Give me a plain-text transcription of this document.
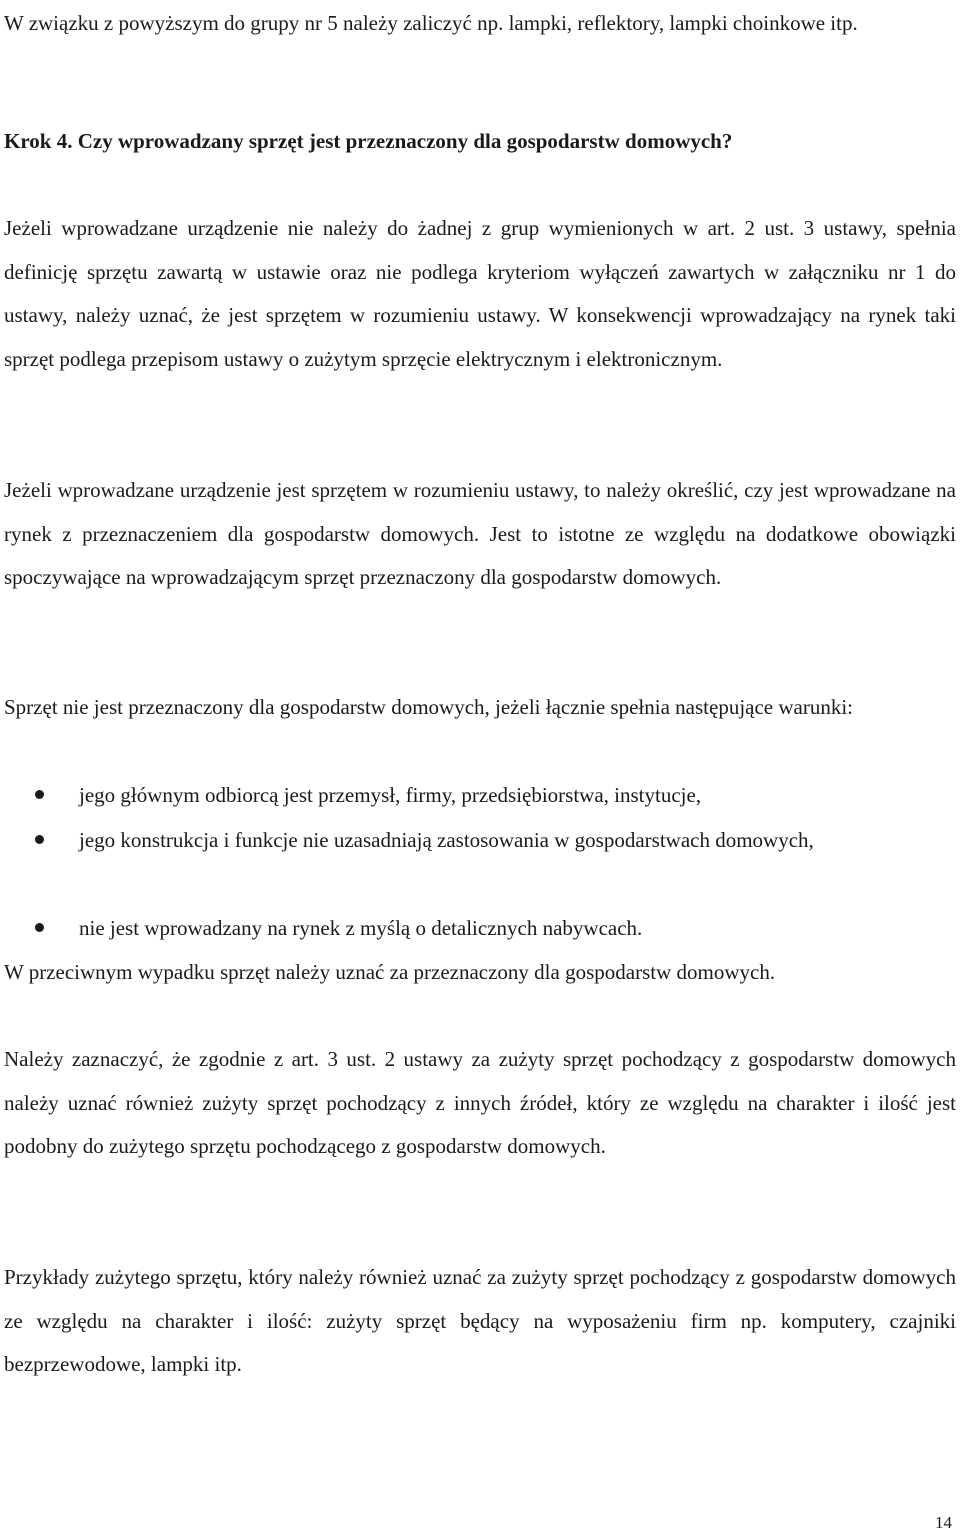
W związku z powyższym do grupy nr 5 należy zaliczyć np. lampki, reflektory, lampki choinkowe itp.

Krok 4. Czy wprowadzany sprzęt jest przeznaczony dla gospodarstw domowych?

Jeżeli wprowadzane urządzenie nie należy do żadnej z grup wymienionych w art. 2 ust. 3 ustawy, spełnia definicję sprzętu zawartą w ustawie oraz nie podlega kryteriom wyłączeń zawartych w załączniku nr 1 do ustawy, należy uznać, że jest sprzętem w rozumieniu ustawy. W konsekwencji wprowadzający na rynek taki sprzęt podlega przepisom ustawy o zużytym sprzęcie elektrycznym i elektronicznym.

Jeżeli wprowadzane urządzenie jest sprzętem w rozumieniu ustawy, to należy określić, czy jest wprowadzane na rynek z przeznaczeniem dla gospodarstw domowych. Jest to istotne ze względu na dodatkowe obowiązki spoczywające na wprowadzającym sprzęt przeznaczony dla gospodarstw domowych.

Sprzęt nie jest przeznaczony dla gospodarstw domowych, jeżeli łącznie spełnia następujące warunki:

jego głównym odbiorcą jest przemysł, firmy, przedsiębiorstwa, instytucje,
jego konstrukcja i funkcje nie uzasadniają zastosowania w gospodarstwach domowych,
nie jest wprowadzany na rynek z myślą o detalicznych nabywcach.

W przeciwnym wypadku sprzęt należy uznać za przeznaczony dla gospodarstw domowych.

Należy zaznaczyć, że zgodnie z art. 3 ust. 2 ustawy za zużyty sprzęt pochodzący z gospodarstw domowych należy uznać również zużyty sprzęt pochodzący z innych źródeł, który ze względu na charakter i ilość jest podobny do zużytego sprzętu pochodzącego z gospodarstw domowych.

Przykłady zużytego sprzętu, który należy również uznać za zużyty sprzęt pochodzący z gospodarstw domowych ze względu na charakter i ilość: zużyty sprzęt będący na wyposażeniu firm np. komputery, czajniki bezprzewodowe, lampki itp.

14
